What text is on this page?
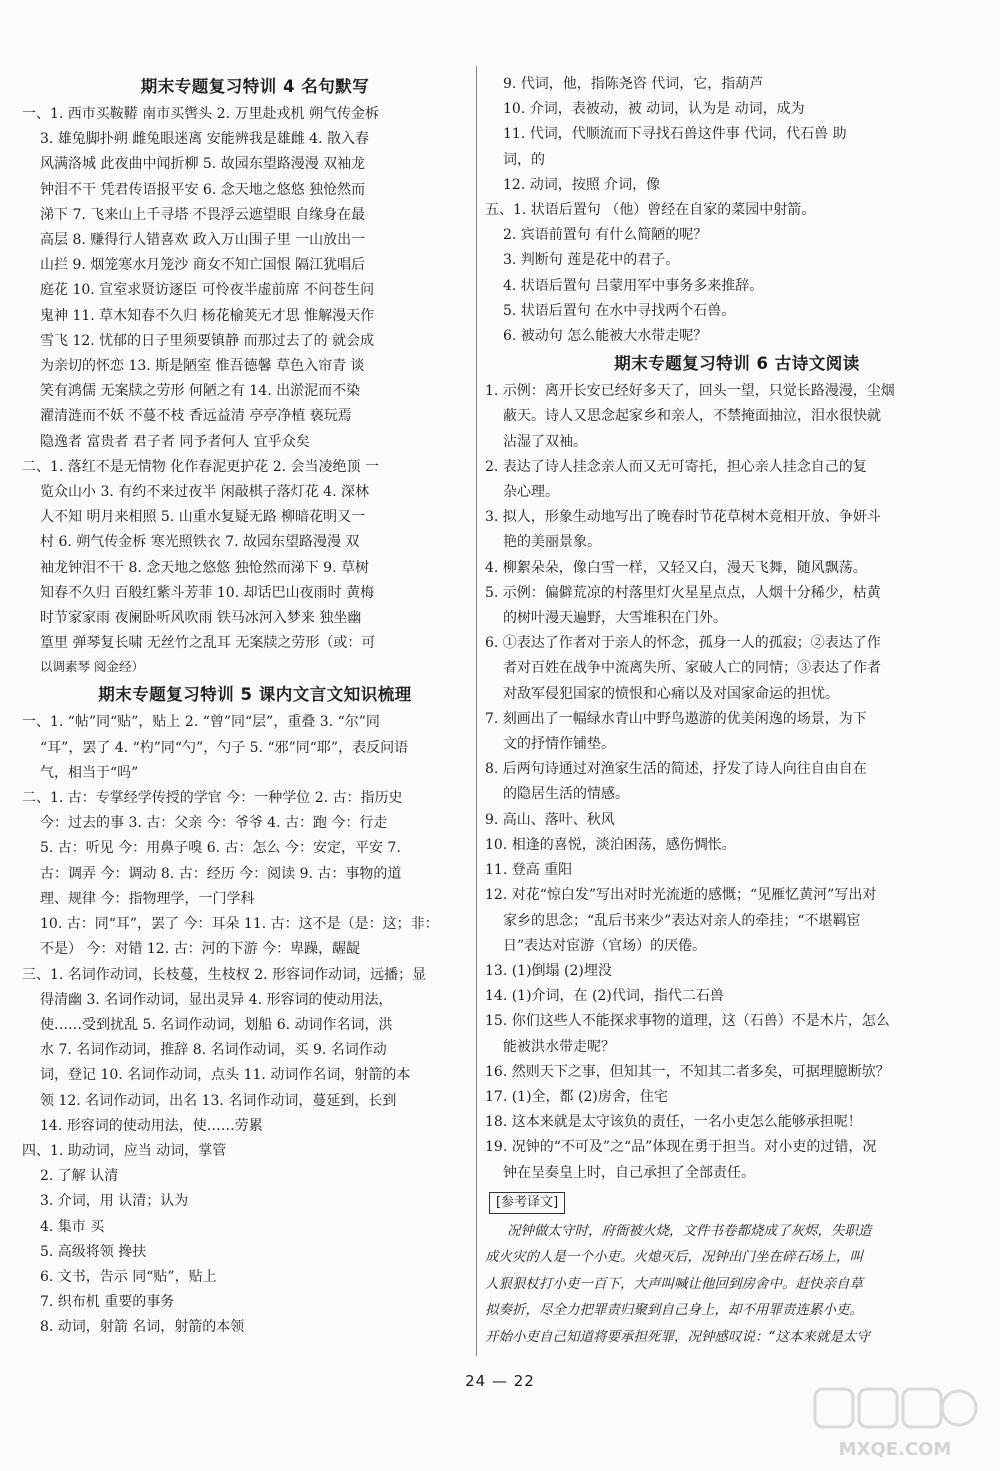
期末专题复习特训 4 名句默写
一、1. 西市买鞍鞯 南市买辔头 2. 万里赴戎机 朔气传金柝
3. 雄兔脚扑朔 雌兔眼迷离 安能辨我是雄雌 4. 散入春
风满洛城 此夜曲中闻折柳 5. 故园东望路漫漫 双袖龙
钟泪不干 凭君传语报平安 6. 念天地之悠悠 独怆然而
涕下 7. 飞来山上千寻塔 不畏浮云遮望眼 自缘身在最
高层 8. 赚得行人错喜欢 政入万山围子里 一山放出一
山拦 9. 烟笼寒水月笼沙 商女不知亡国恨 隔江犹唱后
庭花 10. 宣室求贤访逐臣 可怜夜半虚前席 不问苍生问
鬼神 11. 草木知春不久归 杨花榆荚无才思 惟解漫天作
雪飞 12. 忧郁的日子里须要镇静 而那过去了的 就会成
为亲切的怀恋 13. 斯是陋室 惟吾德馨 草色入帘青 谈
笑有鸿儒 无案牍之劳形 何陋之有 14. 出淤泥而不染
濯清涟而不妖 不蔓不枝 香远益清 亭亭净植 亵玩焉
隐逸者 富贵者 君子者 同予者何人 宜乎众矣
二、1. 落红不是无情物 化作春泥更护花 2. 会当凌绝顶 一
览众山小 3. 有约不来过夜半 闲敲棋子落灯花 4. 深林
人不知 明月来相照 5. 山重水复疑无路 柳暗花明又一
村 6. 朔气传金柝 寒光照铁衣 7. 故园东望路漫漫 双
袖龙钟泪不干 8. 念天地之悠悠 独怆然而涕下 9. 草树
知春不久归 百般红紫斗芳菲 10. 却话巴山夜雨时 黄梅
时节家家雨 夜阑卧听风吹雨 铁马冰河入梦来 独坐幽
篁里 弹琴复长啸 无丝竹之乱耳 无案牍之劳形（或：可
以调素琴 阅金经）
期末专题复习特训 5 课内文言文知识梳理
一、1. “帖”同“贴”，贴上 2. “曾”同“层”，重叠 3. “尔”同
“耳”，罢了 4. “杓”同“勺”，勺子 5. “邪”同“耶”，表反问语
气，相当于“吗”
二、1. 古：专掌经学传授的学官 今：一种学位 2. 古：指历史
今：过去的事 3. 古：父亲 今：爷爷 4. 古：跑 今：行走
5. 古：听见 今：用鼻子嗅 6. 古：怎么 今：安定，平安 7.
古：调弄 今：调动 8. 古：经历 今：阅读 9. 古：事物的道
理、规律 今：指物理学，一门学科
10. 古：同“耳”，罢了 今：耳朵 11. 古：这不是（是：这；非：
不是） 今：对错 12. 古：河的下游 今：卑躁，龌龊
三、1. 名词作动词，长枝蔓，生枝杈 2. 形容词作动词，远播；显
得清幽 3. 名词作动词，显出灵异 4. 形容词的使动用法，
使……受到扰乱 5. 名词作动词，划船 6. 动词作名词，洪
水 7. 名词作动词，推辞 8. 名词作动词，买 9. 名词作动
词，登记 10. 名词作动词，点头 11. 动词作名词，射箭的本
领 12. 名词作动词，出名 13. 名词作动词，蔓延到，长到
14. 形容词的使动用法，使……劳累
四、1. 助动词，应当 动词，掌管
2. 了解 认清
3. 介词，用 认清；认为
4. 集市 买
5. 高级将领 搀扶
6. 文书，告示 同“贴”，贴上
7. 织布机 重要的事务
8. 动词，射箭 名词，射箭的本领
9. 代词，他，指陈尧咨 代词，它，指葫芦
10. 介词，表被动，被 动词，认为是 动词，成为
11. 代词，代顺流而下寻找石兽这件事 代词，代石兽 助
词，的
12. 动词，按照 介词，像
五、1. 状语后置句 （他）曾经在自家的菜园中射箭。
2. 宾语前置句 有什么简陋的呢？
3. 判断句 莲是花中的君子。
4. 状语后置句 吕蒙用军中事务多来推辞。
5. 状语后置句 在水中寻找两个石兽。
6. 被动句 怎么能被大水带走呢？
期末专题复习特训 6 古诗文阅读
1. 示例：离开长安已经好多天了，回头一望，只觉长路漫漫，尘烟
蔽天。诗人又思念起家乡和亲人，不禁掩面抽泣，泪水很快就
沾湿了双袖。
2. 表达了诗人挂念亲人而又无可寄托，担心亲人挂念自己的复
杂心理。
3. 拟人，形象生动地写出了晚春时节花草树木竞相开放、争妍斗
艳的美丽景象。
4. 柳絮朵朵，像白雪一样，又轻又白，漫天飞舞，随风飘荡。
5. 示例：偏僻荒凉的村落里灯火星星点点，人烟十分稀少，枯黄
的树叶漫天遍野，大雪堆积在门外。
6. ①表达了作者对于亲人的怀念，孤身一人的孤寂；②表达了作
者对百姓在战争中流离失所、家破人亡的同情；③表达了作者
对敌军侵犯国家的愤恨和心痛以及对国家命运的担忧。
7. 刻画出了一幅绿水青山中野鸟遨游的优美闲逸的场景，为下
文的抒情作铺垫。
8. 后两句诗通过对渔家生活的简述，抒发了诗人向往自由自在
的隐居生活的情感。
9. 高山、落叶、秋风
10. 相逢的喜悦，淡泊困荡，感伤惆怅。
11. 登高 重阳
12. 对花“惊白发”写出对时光流逝的感慨；“见雁忆黄河”写出对
家乡的思念；“乱后书来少”表达对亲人的牵挂；“不堪羁宦
日”表达对宦游（官场）的厌倦。
13. (1)倒塌 (2)埋没
14. (1)介词，在 (2)代词，指代二石兽
15. 你们这些人不能探求事物的道理，这（石兽）不是木片，怎么
能被洪水带走呢？
16. 然则天下之事，但知其一，不知其二者多矣，可据理臆断欤？
17. (1)全，都 (2)房舍，住宅
18. 这本来就是太守该负的责任，一名小吏怎么能够承担呢！
19. 况钟的“不可及”之“品”体现在勇于担当。对小吏的过错，况
钟在呈奏皇上时，自己承担了全部责任。
[参考译文]
况钟做太守时，府衙被火烧，文件书卷都烧成了灰烬，失职造
成火灾的人是一个小吏。火熄灭后，况钟出门坐在碎石场上，叫
人狠狠杖打小吏一百下，大声叫喊让他回到房舍中。赶快亲自草
拟奏折，尽全力把罪责归聚到自己身上，却不用罪责连累小吏。
开始小吏自己知道将要承担死罪，况钟感叹说：“这本来就是太守
24 — 22
MXQE.COM
